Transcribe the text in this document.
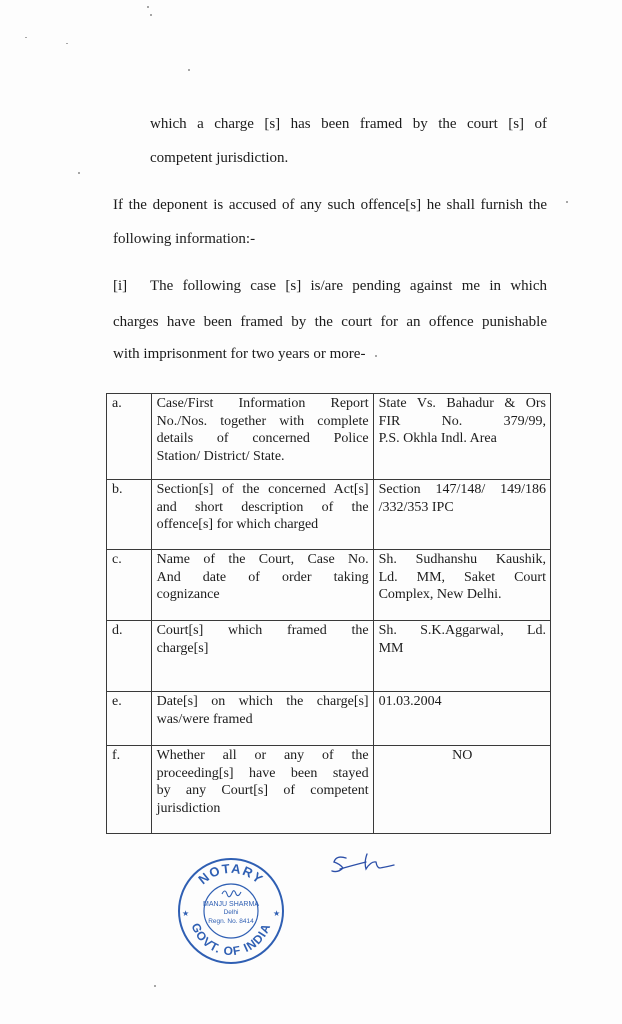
which a charge [s] has been framed by the court [s] of

competent jurisdiction.

If the deponent is accused of any such offence[s] he shall furnish the

following information:-

[i] The following case [s] is/are pending against me in which

charges have been framed by the court for an offence punishable

with imprisonment for two years or more-

a.	Case/First Information Report
No./Nos. together with complete
details of concerned Police
Station/ District/ State.	State Vs. Bahadur & Ors
FIR No. 379/99,
P.S. Okhla Indl. Area

b.	Section[s] of the concerned Act[s]
and short description of the
offence[s] for which charged	Section 147/148/ 149/186
/332/353 IPC

c.	Name of the Court, Case No.
And date of order taking
cognizance	Sh. Sudhanshu Kaushik,
Ld. MM, Saket Court
Complex, New Delhi.

d.	Court[s] which framed the
charge[s]	Sh. S.K.Aggarwal, Ld.
MM

e.	Date[s] on which the charge[s]
was/were framed	01.03.2004

f.	Whether all or any of the
proceeding[s] have been stayed
by any Court[s] of competent
jurisdiction	NO
NOTARY
GOVT. OF INDIA
★	★
MANJU SHARMA
Delhi
Regn. No. 8414
